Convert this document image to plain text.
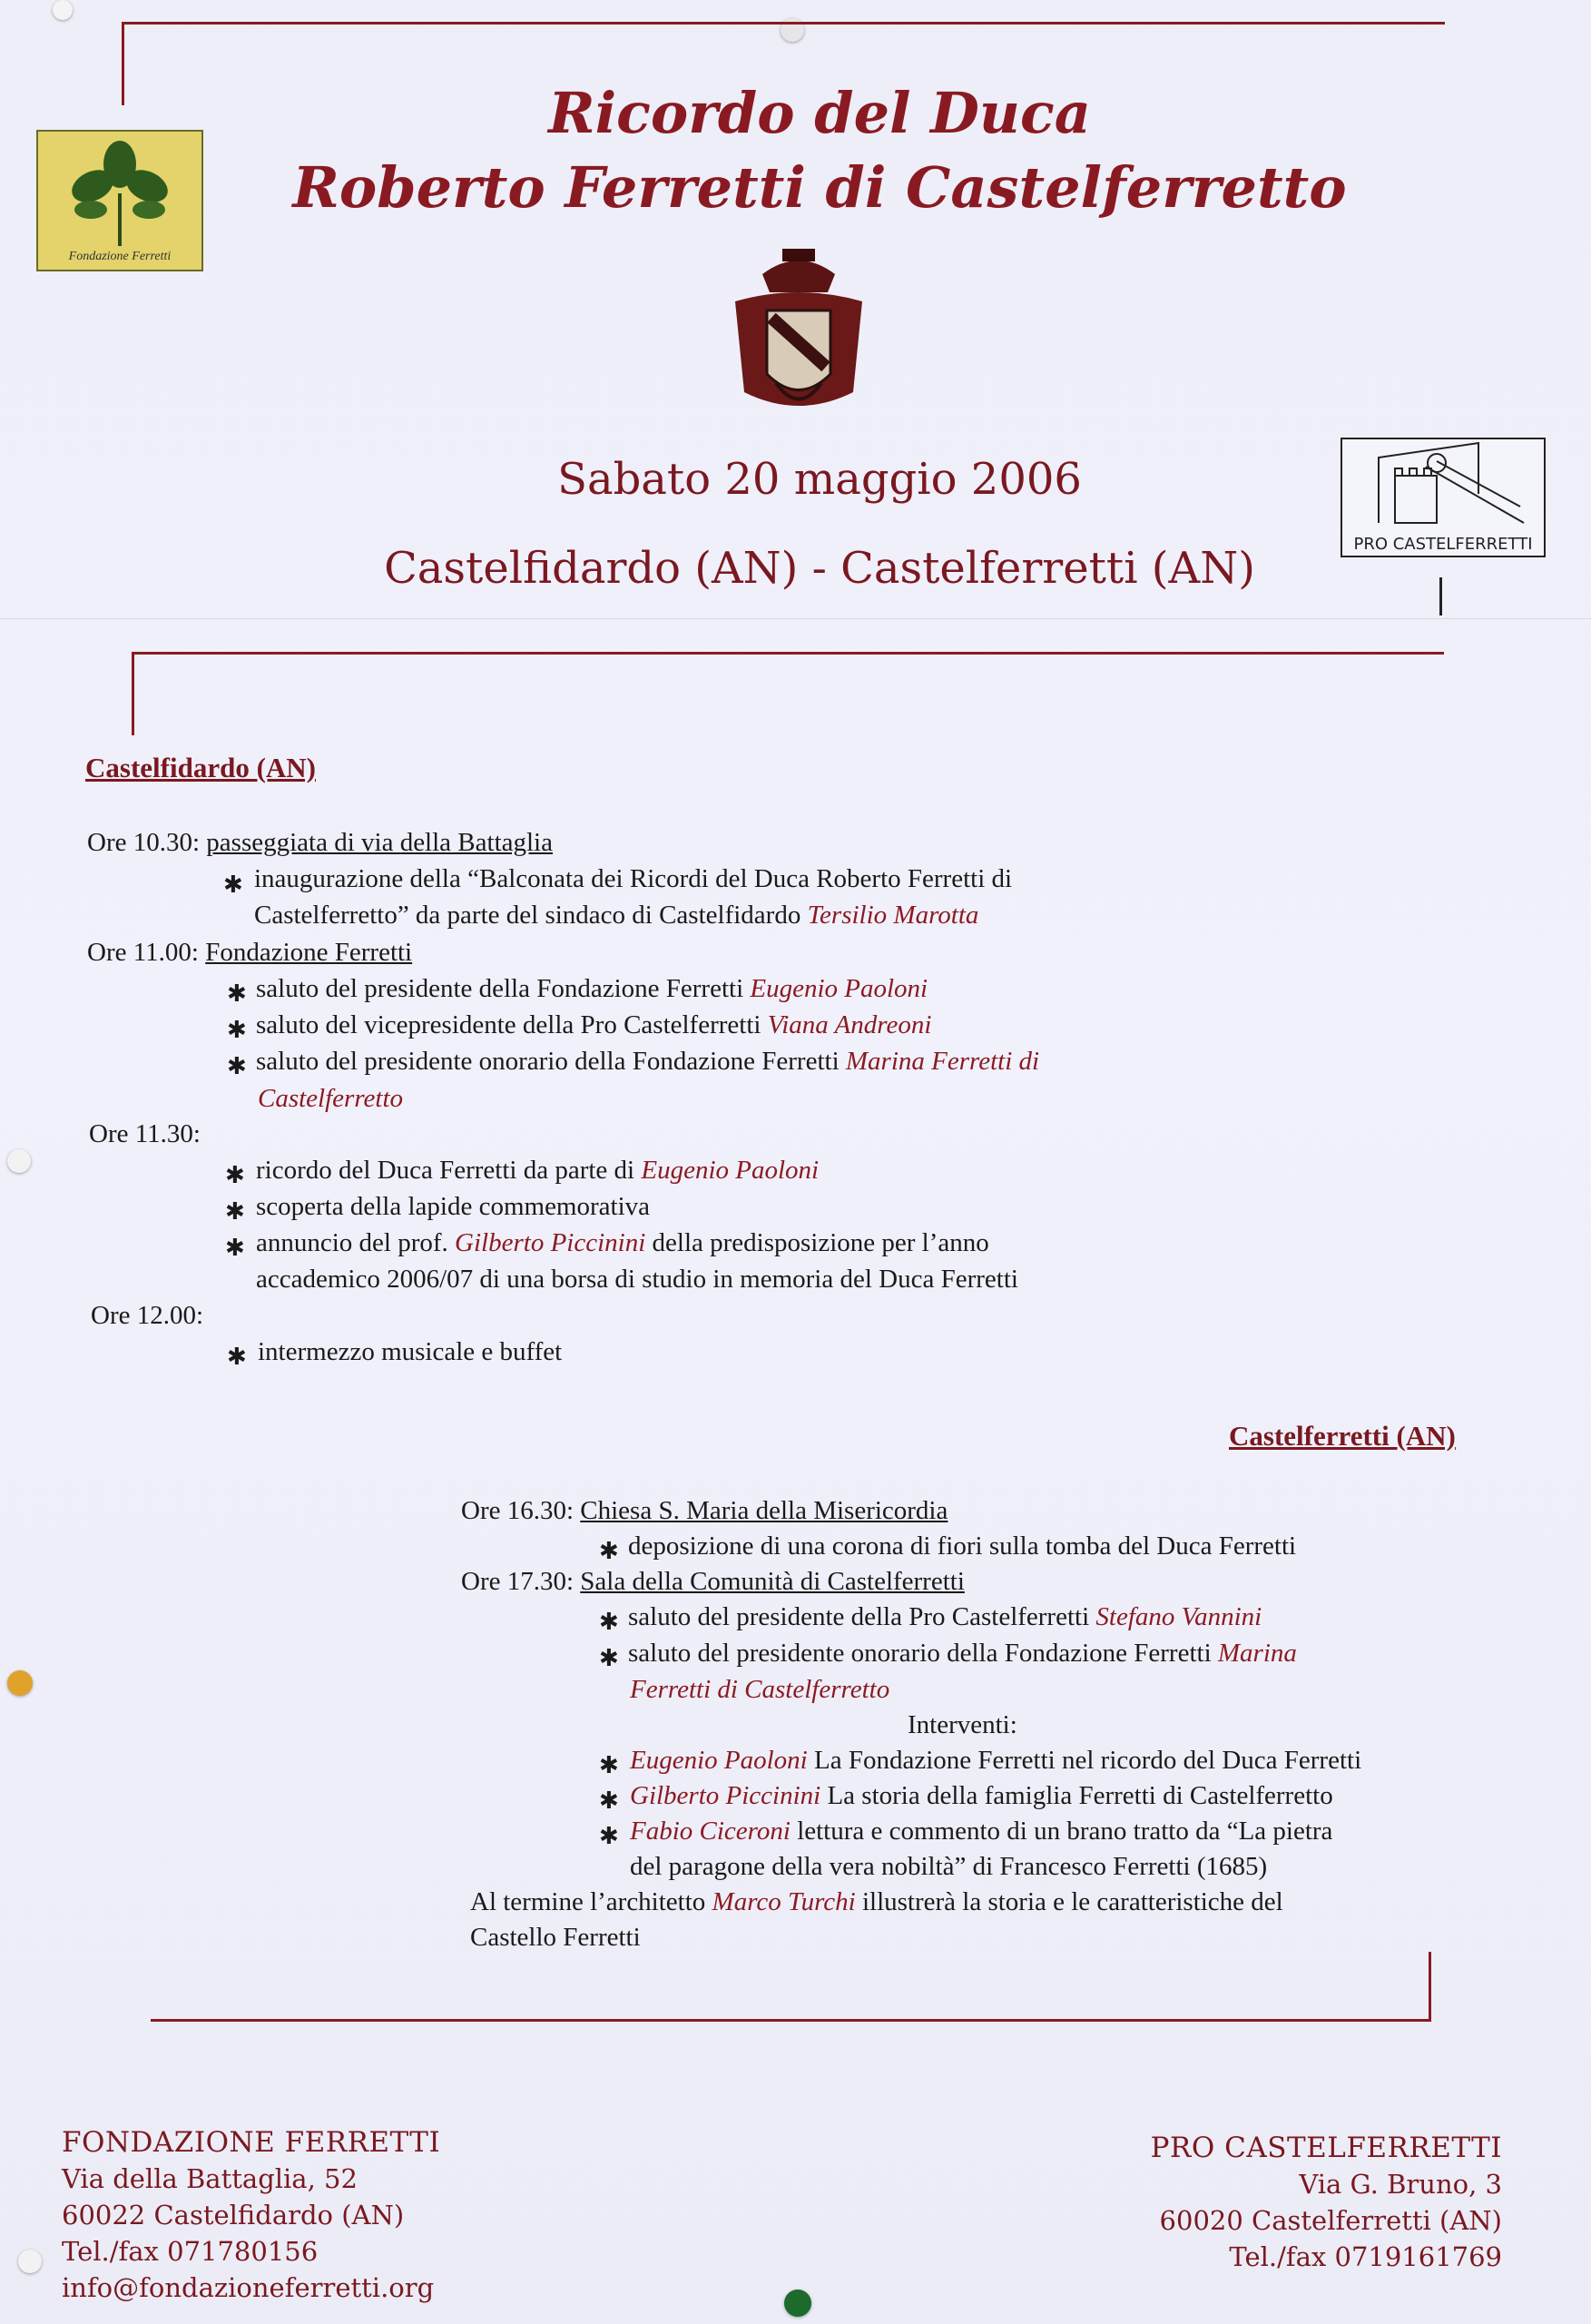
Fondazione Ferretti
Ricordo del Duca
Roberto Ferretti di Castelferretto
Sabato 20 maggio 2006
Castelfidardo (AN) - Castelferretti (AN)	PRO CASTELFERRETTI
Castelfidardo (AN)
Ore 10.30: passeggiata di via della Battaglia
✱ inaugurazione della “Balconata dei Ricordi del Duca Roberto Ferretti di
Castelferretto” da parte del sindaco di Castelfidardo Tersilio Marotta
Ore 11.00: Fondazione Ferretti
✱ saluto del presidente della Fondazione Ferretti Eugenio Paoloni
✱ saluto del vicepresidente della Pro Castelferretti Viana Andreoni
✱ saluto del presidente onorario della Fondazione Ferretti Marina Ferretti di
Castelferretto
Ore 11.30:
✱ ricordo del Duca Ferretti da parte di Eugenio Paoloni
✱ scoperta della lapide commemorativa
✱ annuncio del prof. Gilberto Piccinini della predisposizione per l’anno
accademico 2006/07 di una borsa di studio in memoria del Duca Ferretti
Ore 12.00:
✱ intermezzo musicale e buffet
Castelferretti (AN)
Ore 16.30: Chiesa S. Maria della Misericordia
✱ deposizione di una corona di fiori sulla tomba del Duca Ferretti
Ore 17.30: Sala della Comunità di Castelferretti
✱ saluto del presidente della Pro Castelferretti Stefano Vannini
✱ saluto del presidente onorario della Fondazione Ferretti Marina
Ferretti di Castelferretto
Interventi:
✱ Eugenio Paoloni La Fondazione Ferretti nel ricordo del Duca Ferretti
✱ Gilberto Piccinini La storia della famiglia Ferretti di Castelferretto
✱ Fabio Ciceroni lettura e commento di un brano tratto da “La pietra
del paragone della vera nobiltà” di Francesco Ferretti (1685)
Al termine l’architetto Marco Turchi illustrerà la storia e le caratteristiche del
Castello Ferretti
FONDAZIONE FERRETTI
Via della Battaglia, 52
60022 Castelfidardo (AN)
Tel./fax 071780156
info@fondazioneferretti.org
PRO CASTELFERRETTI
Via G. Bruno, 3
60020 Castelferretti (AN)
Tel./fax 0719161769
